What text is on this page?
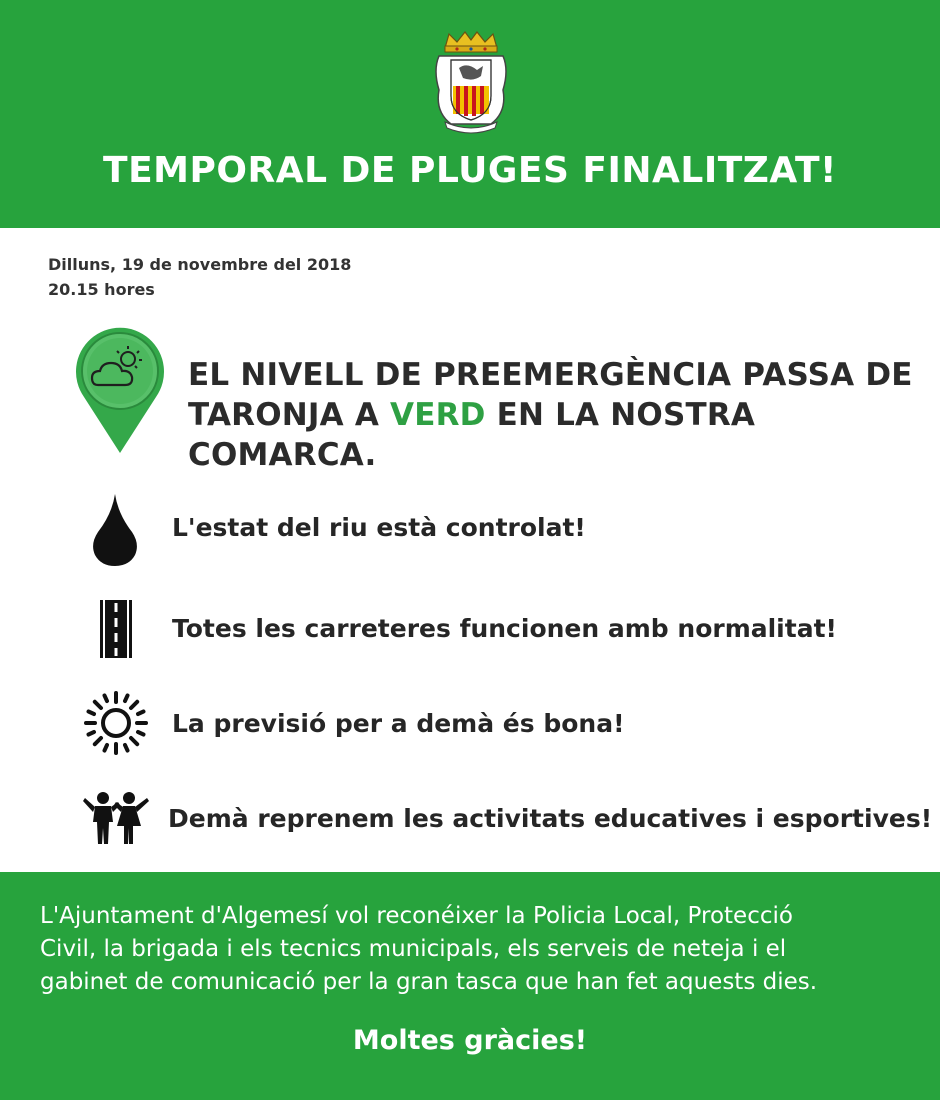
TEMPORAL DE PLUGES FINALITZAT!
Dilluns, 19 de novembre del 2018
20.15 hores
EL NIVELL DE PREEMERGÈNCIA PASSA DE
TARONJA A VERD EN LA NOSTRA COMARCA.
L'estat del riu està controlat!
Totes les carreteres funcionen amb normalitat!
La previsió per a demà és bona!
Demà reprenem les activitats educatives i esportives!
L'Ajuntament d'Algemesí vol reconéixer la Policia Local, Protecció
Civil, la brigada i els tecnics municipals, els serveis de neteja i el
gabinet de comunicació per la gran tasca que han fet aquests dies.
Moltes gràcies!
